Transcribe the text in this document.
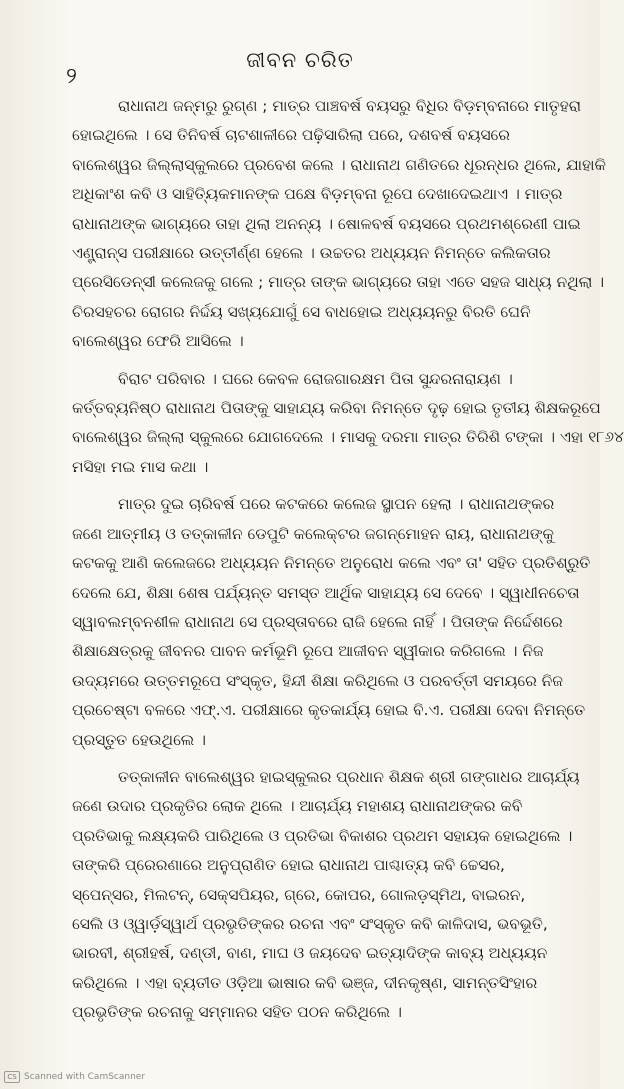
୨
ଜୀବନ ଚରିତ

ରାଧାନାଥ ଜନ୍ମରୁ ରୁଗ୍ଣ ; ମାତ୍ର ପାଞ୍ଚବର୍ଷ ବୟସରୁ ବିଧିର ବିଡ଼ମ୍ବନାରେ ମାତୃହରା
ହୋଇଥିଲେ । ସେ ତିନିବର୍ଷ ଚାଟଶାଳୀରେ ପଢ଼ିସାରିଲା ପରେ, ଦଶବର୍ଷ ବୟସରେ
ବାଲେଶ୍ୱର ଜିଲ୍ଲାସ୍କୁଲରେ ପ୍ରବେଶ କଲେ । ରାଧାନାଥ ଗଣିତରେ ଧୂରନ୍ଧର ଥିଲେ, ଯାହାକି
ଅଧିକାଂଶ କବି ଓ ସାହିତ୍ୟିକମାନଙ୍କ ପକ୍ଷେ ବିଡ଼ମ୍ବନା ରୂପେ ଦେଖାଦେଇଥାଏ । ମାତ୍ର
ରାଧାନାଥଙ୍କ ଭାଗ୍ୟରେ ତାହା ଥିଲା ଅନନ୍ୟ । ଷୋଳବର୍ଷ ବୟସରେ ପ୍ରଥମଶ୍ରେଣୀ ପାଇ
ଏଣ୍ଟ୍ରାନ୍ସ ପରୀକ୍ଷାରେ ଉତ୍ତୀର୍ଣ୍ଣ ହେଲେ । ଉଚ୍ଚତର ଅଧ୍ୟୟନ ନିମନ୍ତେ କଲିକତାର
ପ୍ରେସିଡେନ୍ସୀ କଲେଜକୁ ଗଲେ ; ମାତ୍ର ତାଙ୍କ ଭାଗ୍ୟରେ ତାହା ଏତେ ସହଜ ସାଧ୍ୟ ନଥିଲା ।
ଚିରସହଚର ରୋଗର ନିର୍ଦ୍ଦୟ ସଖ୍ୟଯୋଗୁଁ ସେ ବାଧହୋଇ ଅଧ୍ୟୟନରୁ ବିରତି ଘେନି
ବାଲେଶ୍ୱର ଫେରି ଆସିଲେ ।

ବିରାଟ ପରିବାର । ଘରେ କେବଳ ରୋଜଗାରକ୍ଷମ ପିତା ସୁନ୍ଦରନାରାୟଣ ।
କର୍ତ୍ତବ୍ୟନିଷ୍ଠ ରାଧାନାଥ ପିତାଙ୍କୁ ସାହାଯ୍ୟ କରିବା ନିମନ୍ତେ ଦୃଢ଼ ହୋଇ ତୃତୀୟ ଶିକ୍ଷକରୂପେ
ବାଲେଶ୍ୱର ଜିଲ୍ଲା ସ୍କୁଲରେ ଯୋଗଦେଲେ । ମାସକୁ ଦରମା ମାତ୍ର ତିରିଶି ଟଙ୍କା । ଏହା ୧୮୬୪
ମସିହା ମଇ ମାସ କଥା ।

ମାତ୍ର ଦୁଇ ଚାରିବର୍ଷ ପରେ କଟକରେ କଲେଜ ସ୍ଥାପନ ହେଲା । ରାଧାନାଥଙ୍କର
ଜଣେ ଆତ୍ମୀୟ ଓ ତତ୍କାଳୀନ ଡେପୁଟି କଲେକ୍ଟର ଜଗନ୍ମୋହନ ରାୟ, ରାଧାନାଥଙ୍କୁ
କଟକକୁ ଆଣି କଲେଜରେ ଅଧ୍ୟୟନ ନିମନ୍ତେ ଅନୁରୋଧ କଲେ ଏବଂ ତା' ସହିତ ପ୍ରତିଶ୍ରୁତି
ଦେଲେ ଯେ, ଶିକ୍ଷା ଶେଷ ପର୍ଯ୍ୟନ୍ତ ସମସ୍ତ ଆର୍ଥିକ ସାହାଯ୍ୟ ସେ ଦେବେ । ସ୍ୱାଧୀନଚେତା
ସ୍ୱାବଲମ୍ବନଶୀଳ ରାଧାନାଥ ସେ ପ୍ରସ୍ତାବରେ ରାଜି ହେଲେ ନାହିଁ । ପିତାଙ୍କ ନିର୍ଦ୍ଦେଶରେ
ଶିକ୍ଷାକ୍ଷେତ୍ରକୁ ଜୀବନର ପାବନ କର୍ମଭୂମି ରୂପେ ଆଜୀବନ ସ୍ୱୀକାର କରିଗଲେ । ନିଜ
ଉଦ୍ୟମରେ ଉତ୍ତମରୂପେ ସଂସ୍କୃତ, ହିନ୍ଦୀ ଶିକ୍ଷା କରିଥିଲେ ଓ ପରବର୍ତ୍ତୀ ସମୟରେ ନିଜ
ପ୍ରଚେଷ୍ଟା ବଳରେ ଏଫ୍.ଏ. ପରୀକ୍ଷାରେ କୃତକାର୍ଯ୍ୟ ହୋଇ ବି.ଏ. ପରୀକ୍ଷା ଦେବା ନିମନ୍ତେ
ପ୍ରସ୍ତୁତ ହେଉଥିଲେ ।

ତତ୍କାଳୀନ ବାଲେଶ୍ୱର ହାଇସ୍କୁଲର ପ୍ରଧାନ ଶିକ୍ଷକ ଶ୍ରୀ ଗଙ୍ଗାଧର ଆଚାର୍ଯ୍ୟ
ଜଣେ ଉଦାର ପ୍ରକୃତିର ଲୋକ ଥିଲେ । ଆଚାର୍ଯ୍ୟ ମହାଶୟ ରାଧାନାଥଙ୍କର କବି
ପ୍ରତିଭାକୁ ଲକ୍ଷ୍ୟକରି ପାରିଥିଲେ ଓ ପ୍ରତିଭା ବିକାଶର ପ୍ରଥମ ସହାୟକ ହୋଇଥିଲେ ।
ତାଙ୍କରି ପ୍ରେରଣାରେ ଅନୁପ୍ରାଣିତ ହୋଇ ରାଧାନାଥ ପାଶ୍ଚାତ୍ୟ କବି ଚ୍ଚେସର,
ସ୍ପେନ୍ସର, ମିଲଟନ୍, ସେକ୍ସପିୟର, ଗ୍ରେ, କୋପର, ଗୋଲଡ଼ସ୍ମିଥ, ବାଇରନ,
ସେଲି ଓ ଓ୍ୱାର୍ଡ଼ସ୍ୱାର୍ଥ ପ୍ରଭୃତିଙ୍କର ରଚନା ଏବଂ ସଂସ୍କୃତ କବି କାଳିଦାସ, ଭବଭୂତି,
ଭାରବୀ, ଶ୍ରୀହର୍ଷ, ଦଣ୍ଡୀ, ବାଣ, ମାଘ ଓ ଜୟଦେବ ଇତ୍ୟାଦିଙ୍କ କାବ୍ୟ ଅଧ୍ୟୟନ
କରିଥିଲେ । ଏହା ବ୍ୟତୀତ ଓଡ଼ିଆ ଭାଷାର କବି ଭଞ୍ଜ, ଦୀନକୃଷ୍ଣ, ସାମନ୍ତସିଂହାର
ପ୍ରଭୃତିଙ୍କ ରଚନାକୁ ସମ୍ମାନର ସହିତ ପଠନ କରିଥିଲେ ।

CS Scanned with CamScanner
